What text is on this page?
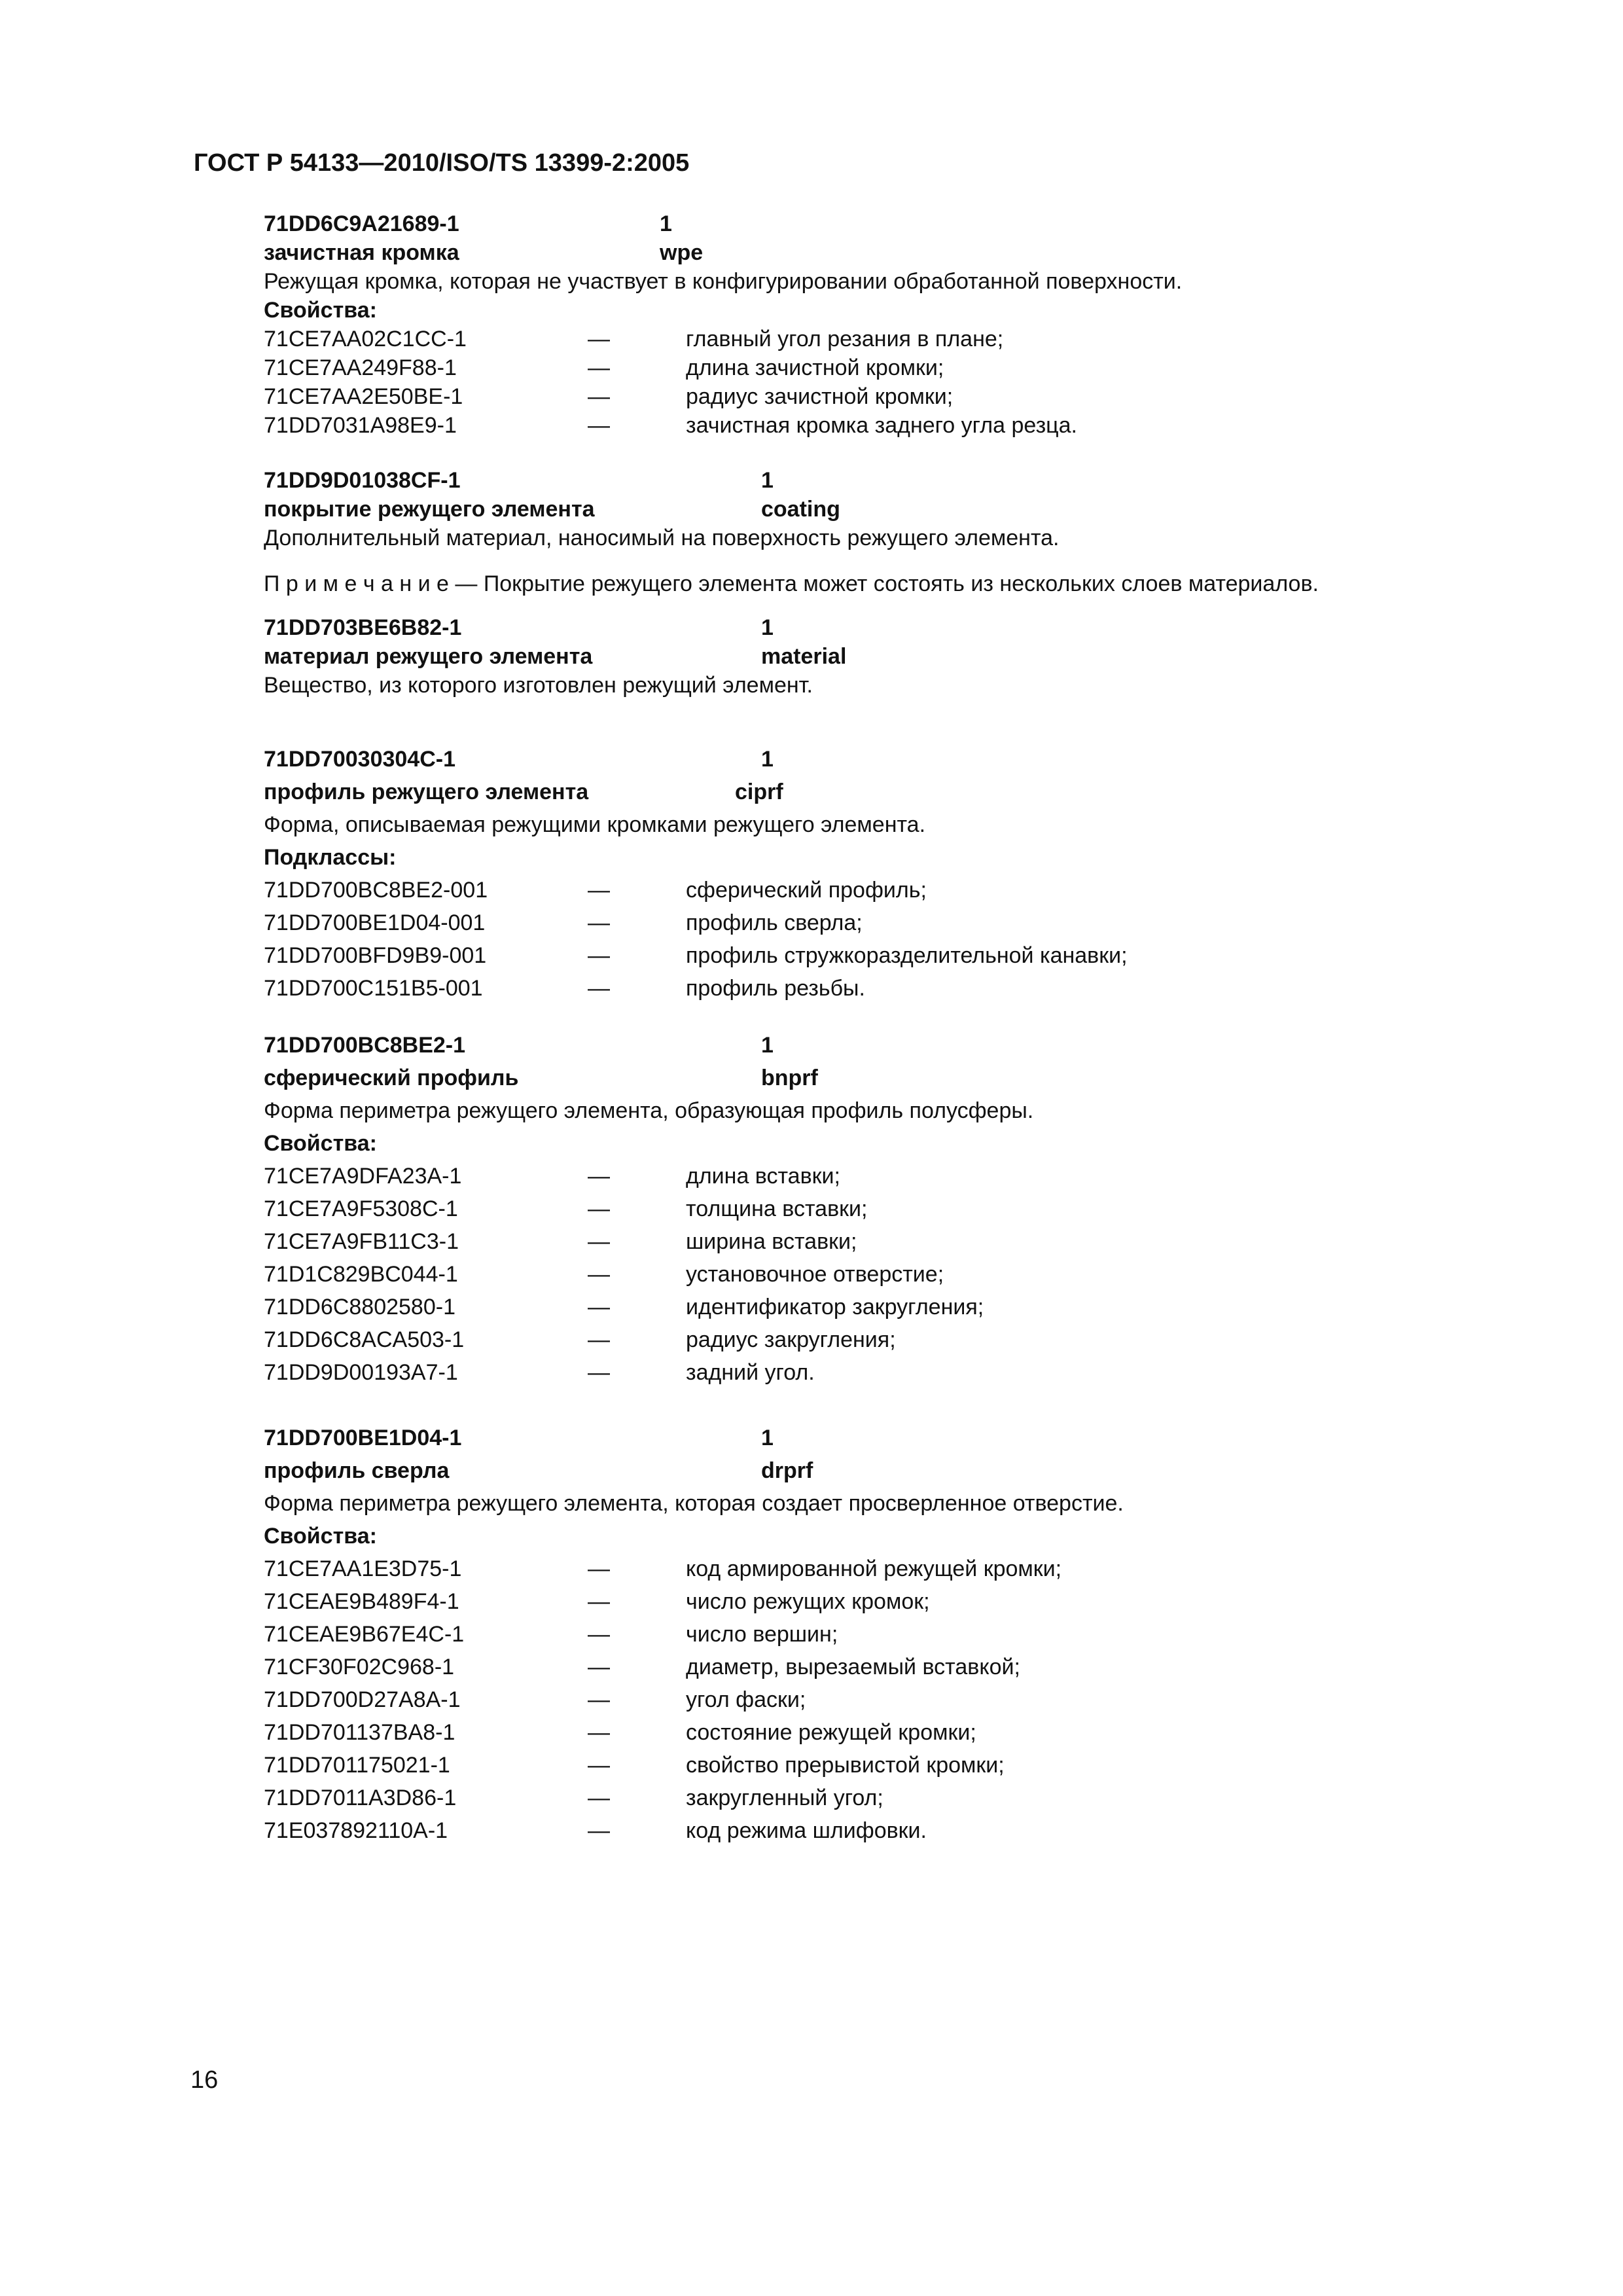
ГОСТ Р 54133—2010/ISO/TS 13399-2:2005
71DD6C9A21689-1	1
зачистная кромка	wpe
Режущая кромка, которая не участвует в конфигурировании обработанной поверхности.
Свойства:
71CE7AA02C1CC-1	—	главный угол резания в плане;
71CE7AA249F88-1	—	длина зачистной кромки;
71CE7AA2E50BE-1	—	радиус зачистной кромки;
71DD7031A98E9-1	—	зачистная кромка заднего угла резца.
71DD9D01038CF-1	1
покрытие режущего элемента	coating
Дополнительный материал, наносимый на поверхность режущего элемента.
П р и м е ч а н и е — Покрытие режущего элемента может состоять из нескольких слоев материалов.
71DD703BE6B82-1	1
материал режущего элемента	material
Вещество, из которого изготовлен режущий элемент.
71DD70030304C-1	1
профиль режущего элемента	ciprf
Форма, описываемая режущими кромками режущего элемента.
Подклассы:
71DD700BC8BE2-001	—	сферический профиль;
71DD700BE1D04-001	—	профиль сверла;
71DD700BFD9B9-001	—	профиль стружкоразделительной канавки;
71DD700C151B5-001	—	профиль резьбы.
71DD700BC8BE2-1	1
сферический профиль	bnprf
Форма периметра режущего элемента, образующая профиль полусферы.
Свойства:
71CE7A9DFA23A-1	—	длина вставки;
71CE7A9F5308C-1	—	толщина вставки;
71CE7A9FB11C3-1	—	ширина вставки;
71D1C829BC044-1	—	установочное отверстие;
71DD6C8802580-1	—	идентификатор закругления;
71DD6C8ACA503-1	—	радиус закругления;
71DD9D00193A7-1	—	задний угол.
71DD700BE1D04-1	1
профиль сверла	drprf
Форма периметра режущего элемента, которая создает просверленное отверстие.
Свойства:
71CE7AA1E3D75-1	—	код армированной режущей кромки;
71CEAE9B489F4-1	—	число режущих кромок;
71CEAE9B67E4C-1	—	число вершин;
71CF30F02C968-1	—	диаметр, вырезаемый вставкой;
71DD700D27A8A-1	—	угол фаски;
71DD701137BA8-1	—	состояние режущей кромки;
71DD701175021-1	—	свойство прерывистой кромки;
71DD7011A3D86-1	—	закругленный угол;
71E037892110A-1	—	код режима шлифовки.
16
